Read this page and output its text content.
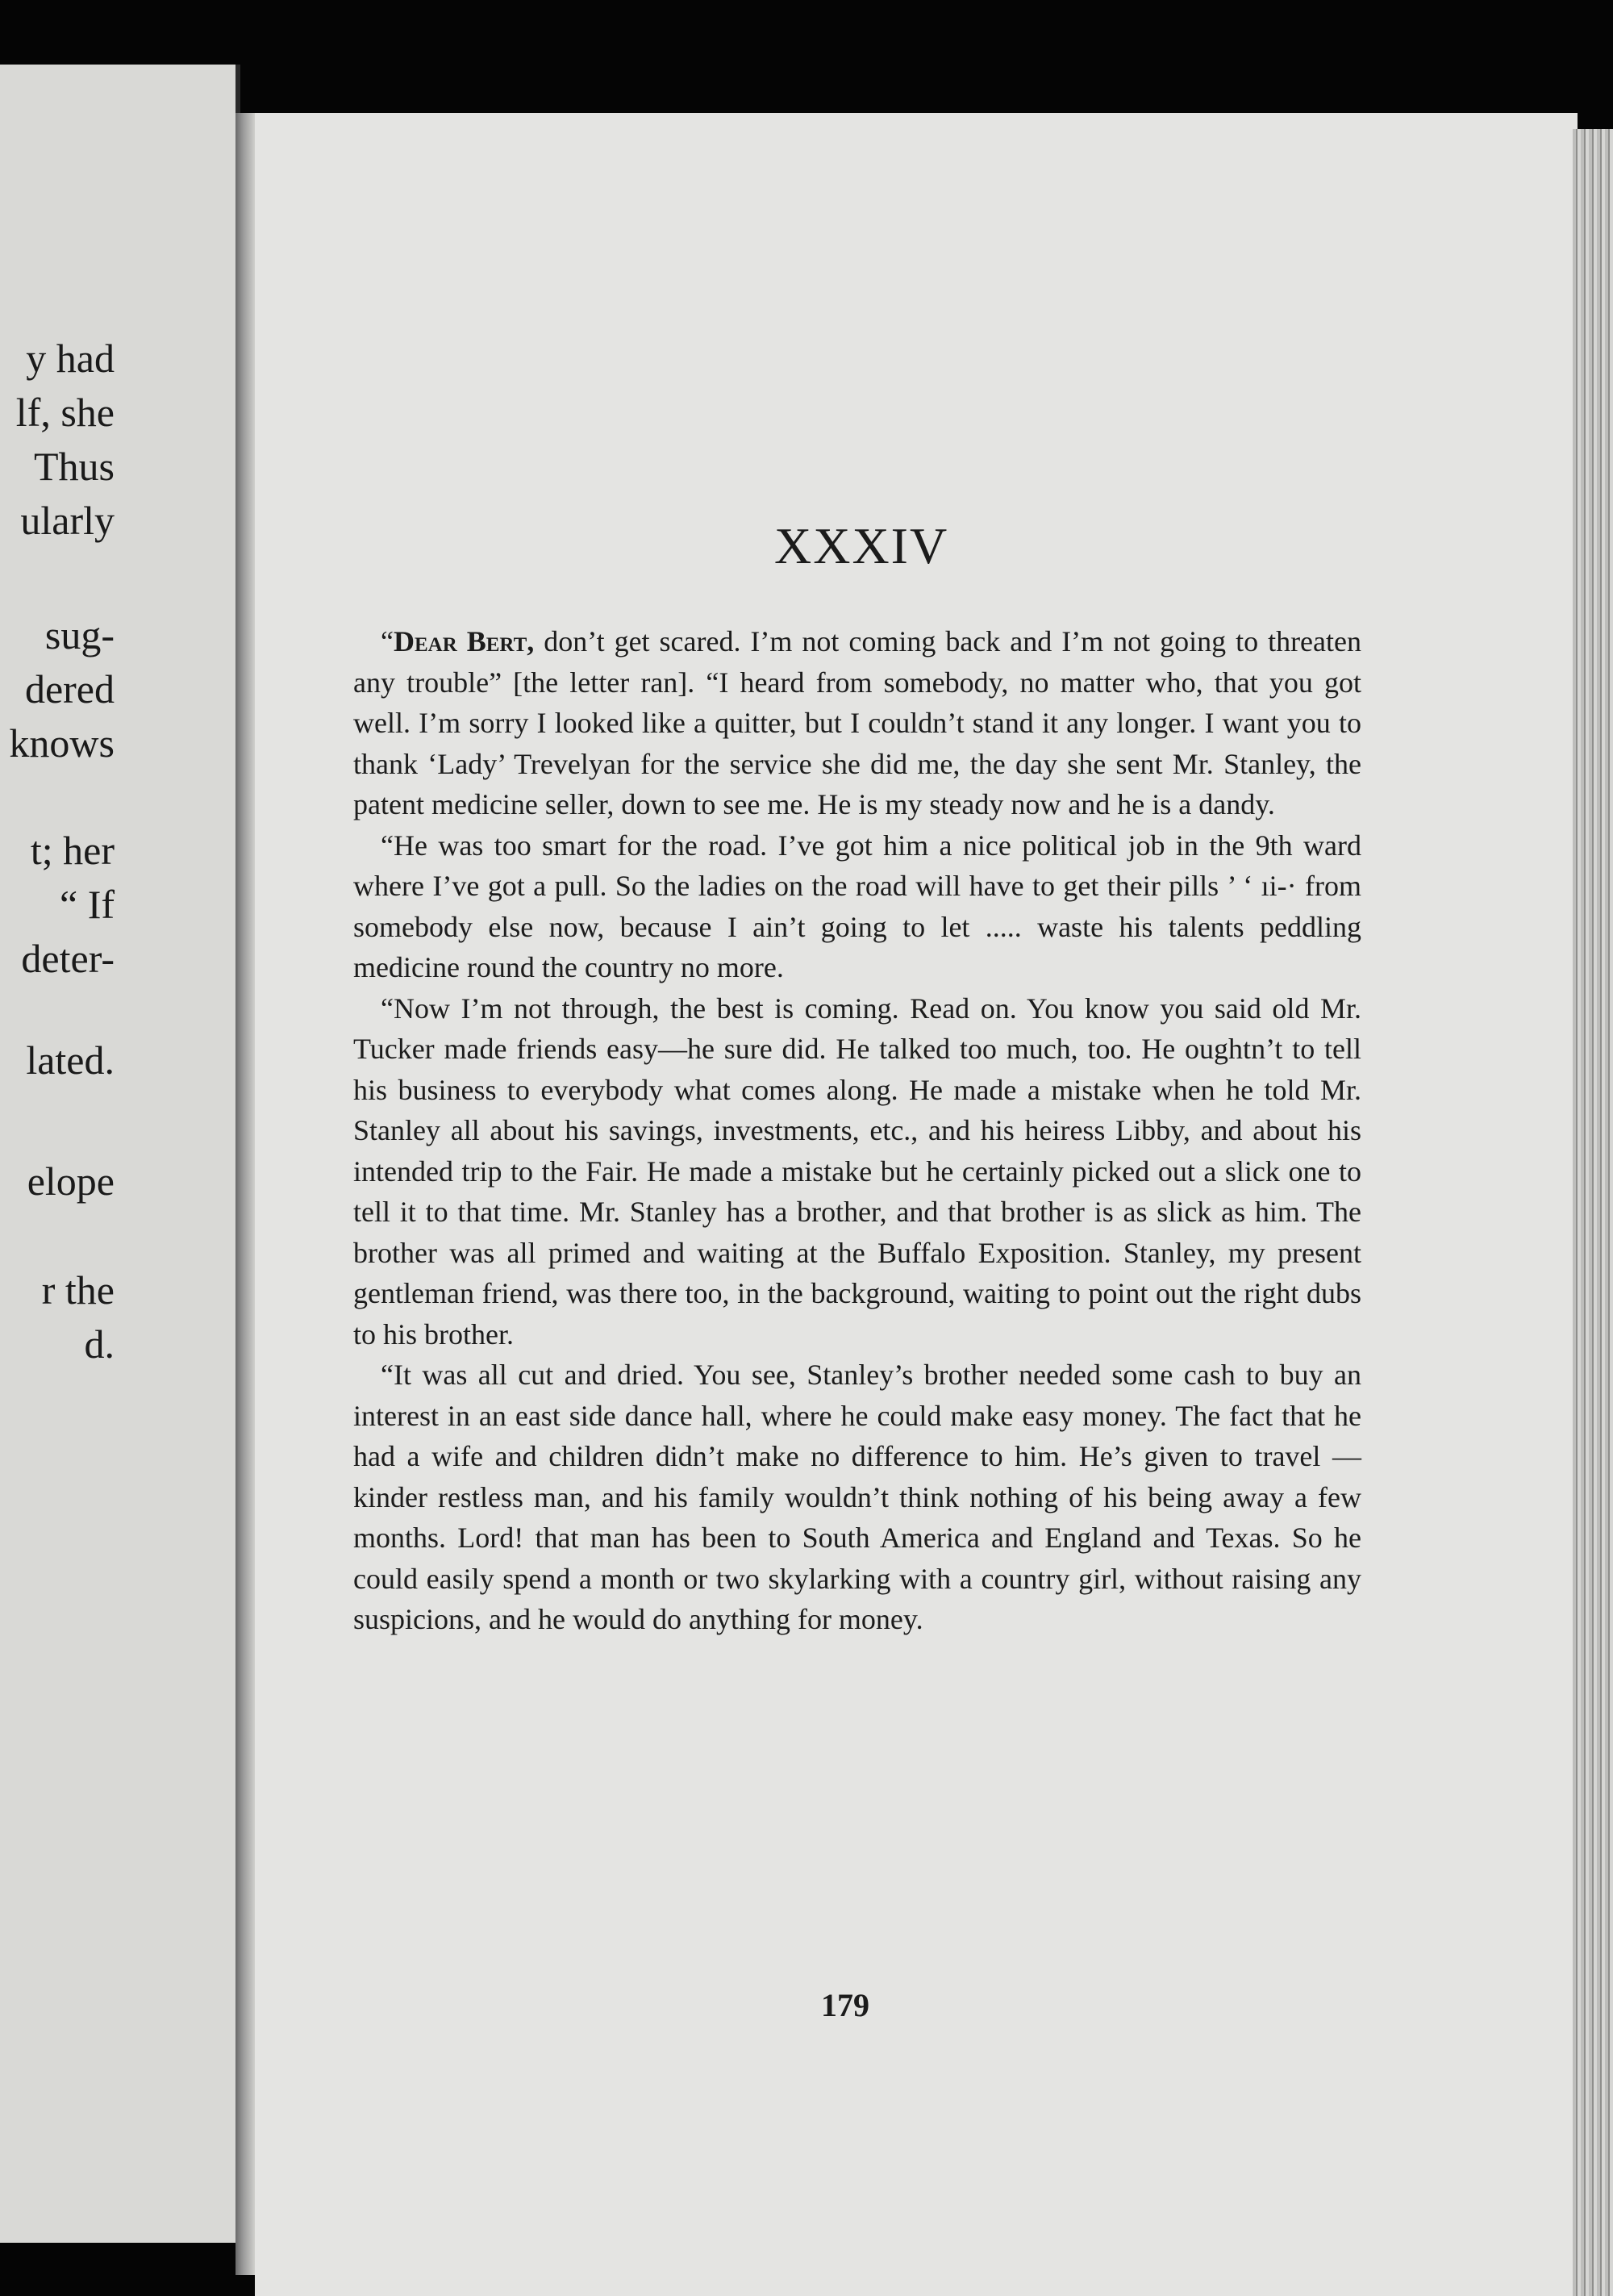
y had
lf, she
Thus
ularly
sug-
dered
knows
t; her
“ If
deter-
lated.
elope
r the
d.
XXXIV

“Dear Bert, don’t get scared. I’m not coming back and I’m not going to threaten any trouble” [the letter ran]. “I heard from somebody, no matter who, that you got well. I’m sorry I looked like a quitter, but I couldn’t stand it any longer. I want you to thank ‘Lady’ Trevelyan for the service she did me, the day she sent Mr. Stanley, the patent medicine seller, down to see me. He is my steady now and he is a dandy.

“He was too smart for the road. I’ve got him a nice political job in the 9th ward where I’ve got a pull. So the ladies on the road will have to get their pills ’ ‘ ıi‐· from somebody else now, because I ain’t going to let ..... waste his talents peddling medicine round the country no more.

“Now I’m not through, the best is coming. Read on. You know you said old Mr. Tucker made friends easy—he sure did. He talked too much, too. He oughtn’t to tell his business to everybody what comes along. He made a mistake when he told Mr. Stanley all about his savings, investments, etc., and his heiress Libby, and about his intended trip to the Fair. He made a mistake but he certainly picked out a slick one to tell it to that time. Mr. Stanley has a brother, and that brother is as slick as him. The brother was all primed and waiting at the Buffalo Exposition. Stanley, my present gentleman friend, was there too, in the background, waiting to point out the right dubs to his brother.

“It was all cut and dried. You see, Stanley’s brother needed some cash to buy an interest in an east side dance hall, where he could make easy money. The fact that he had a wife and children didn’t make no difference to him. He’s given to travel —kinder restless man, and his family wouldn’t think nothing of his being away a few months. Lord! that man has been to South America and England and Texas. So he could easily spend a month or two skylarking with a country girl, without raising any suspicions, and he would do anything for money.

179
